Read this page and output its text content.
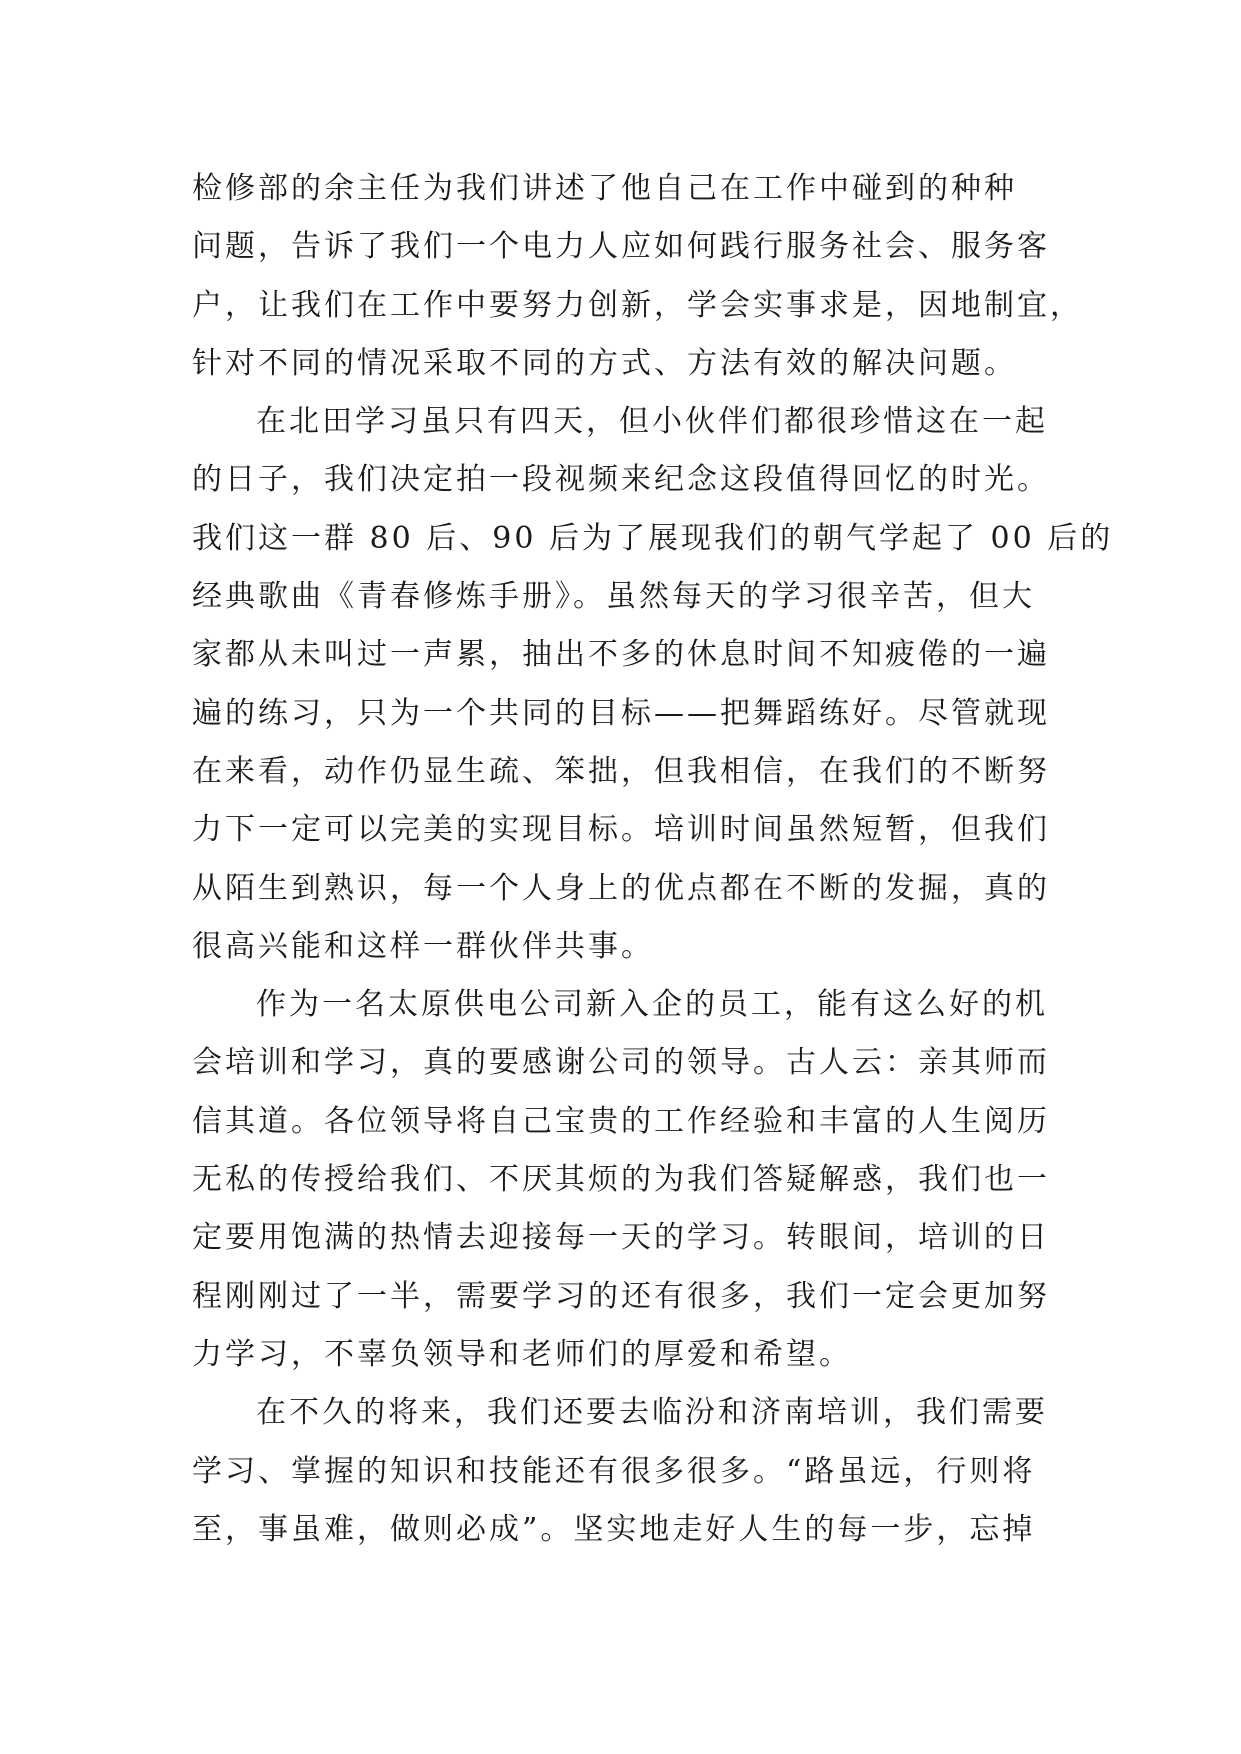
检修部的余主任为我们讲述了他自己在工作中碰到的种种
问题，告诉了我们一个电力人应如何践行服务社会、服务客
户，让我们在工作中要努力创新，学会实事求是，因地制宜，
针对不同的情况采取不同的方式、方法有效的解决问题。
在北田学习虽只有四天，但小伙伴们都很珍惜这在一起
的日子，我们决定拍一段视频来纪念这段值得回忆的时光。
我们这一群 80 后、90 后为了展现我们的朝气学起了 00 后的
经典歌曲《青春修炼手册》。虽然每天的学习很辛苦，但大
家都从未叫过一声累，抽出不多的休息时间不知疲倦的一遍
遍的练习，只为一个共同的目标——把舞蹈练好。尽管就现
在来看，动作仍显生疏、笨拙，但我相信，在我们的不断努
力下一定可以完美的实现目标。培训时间虽然短暂，但我们
从陌生到熟识，每一个人身上的优点都在不断的发掘，真的
很高兴能和这样一群伙伴共事。
作为一名太原供电公司新入企的员工，能有这么好的机
会培训和学习，真的要感谢公司的领导。古人云：亲其师而
信其道。各位领导将自己宝贵的工作经验和丰富的人生阅历
无私的传授给我们、不厌其烦的为我们答疑解惑，我们也一
定要用饱满的热情去迎接每一天的学习。转眼间，培训的日
程刚刚过了一半，需要学习的还有很多，我们一定会更加努
力学习，不辜负领导和老师们的厚爱和希望。
在不久的将来，我们还要去临汾和济南培训，我们需要
学习、掌握的知识和技能还有很多很多。“路虽远，行则将
至，事虽难，做则必成”。坚实地走好人生的每一步，忘掉
